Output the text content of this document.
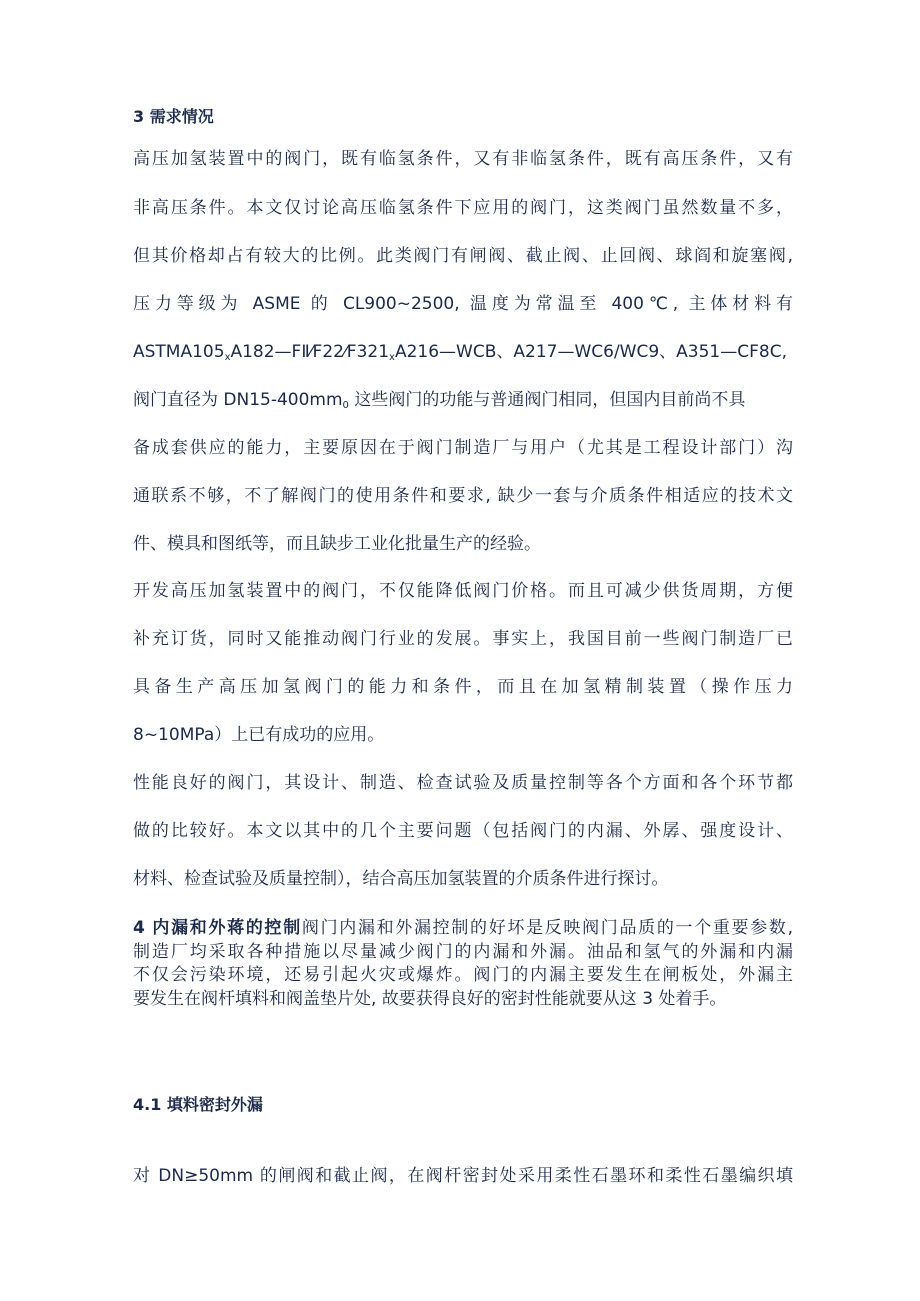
3 需求情况
高压加氢装置中的阀门，既有临氢条件，又有非临氢条件，既有高压条件，又有
非高压条件。本文仅讨论高压临氢条件下应用的阀门，这类阀门虽然数量不多，
但其价格却占有较大的比例。此类阀门有闸阀、截止阀、止回阀、球阎和旋塞阀,
压力等级为 ASME 的 CL900~2500, 温度为常温至 400℃, 主体材料有
$ASTMA105_xA182—FⅡ⁄F22⁄F321_xA216—WCB$、A217—WC6/WC9、A351—CF8C,
阀门直径为 $DN15-400mm_0$ 这些阀门的功能与普通阀门相同，但国内目前尚不具
备成套供应的能力，主要原因在于阀门制造厂与用户（尤其是工程设计部门）沟
通联系不够，不了解阀门的使用条件和要求, 缺少一套与介质条件相适应的技术文
件、模具和图纸等，而且缺步工业化批量生产的经验。
开发高压加氢装置中的阀门，不仅能降低阀门价格。而且可减少供货周期，方便
补充订货，同时又能推动阀门行业的发展。事实上，我国目前一些阀门制造厂已
具备生产高压加氢阀门的能力和条件，而且在加氢精制装置（操作压力
8~10MPa）上已有成功的应用。
性能良好的阀门，其设计、制造、检查试验及质量控制等各个方面和各个环节都
做的比较好。本文以其中的几个主要问题（包括阀门的内漏、外孱、强度设计、
材料、检查试验及质量控制），结合高压加氢装置的介质条件进行探讨。
4 内漏和外蒋的控制阀门内漏和外漏控制的好坏是反映阀门品质的一个重要参数,
制造厂均采取各种措施以尽量减少阀门的内漏和外漏。油品和氢气的外漏和内漏
不仅会污染环境，还易引起火灾或爆炸。阀门的内漏主要发生在闸板处，外漏主
要发生在阀杆填料和阀盖垫片处, 故要获得良好的密封性能就要从这 3 处着手。
4.1 填料密封外漏
对 DN≥50mm 的闸阀和截止阀，在阀杆密封处采用柔性石墨环和柔性石墨编织填
